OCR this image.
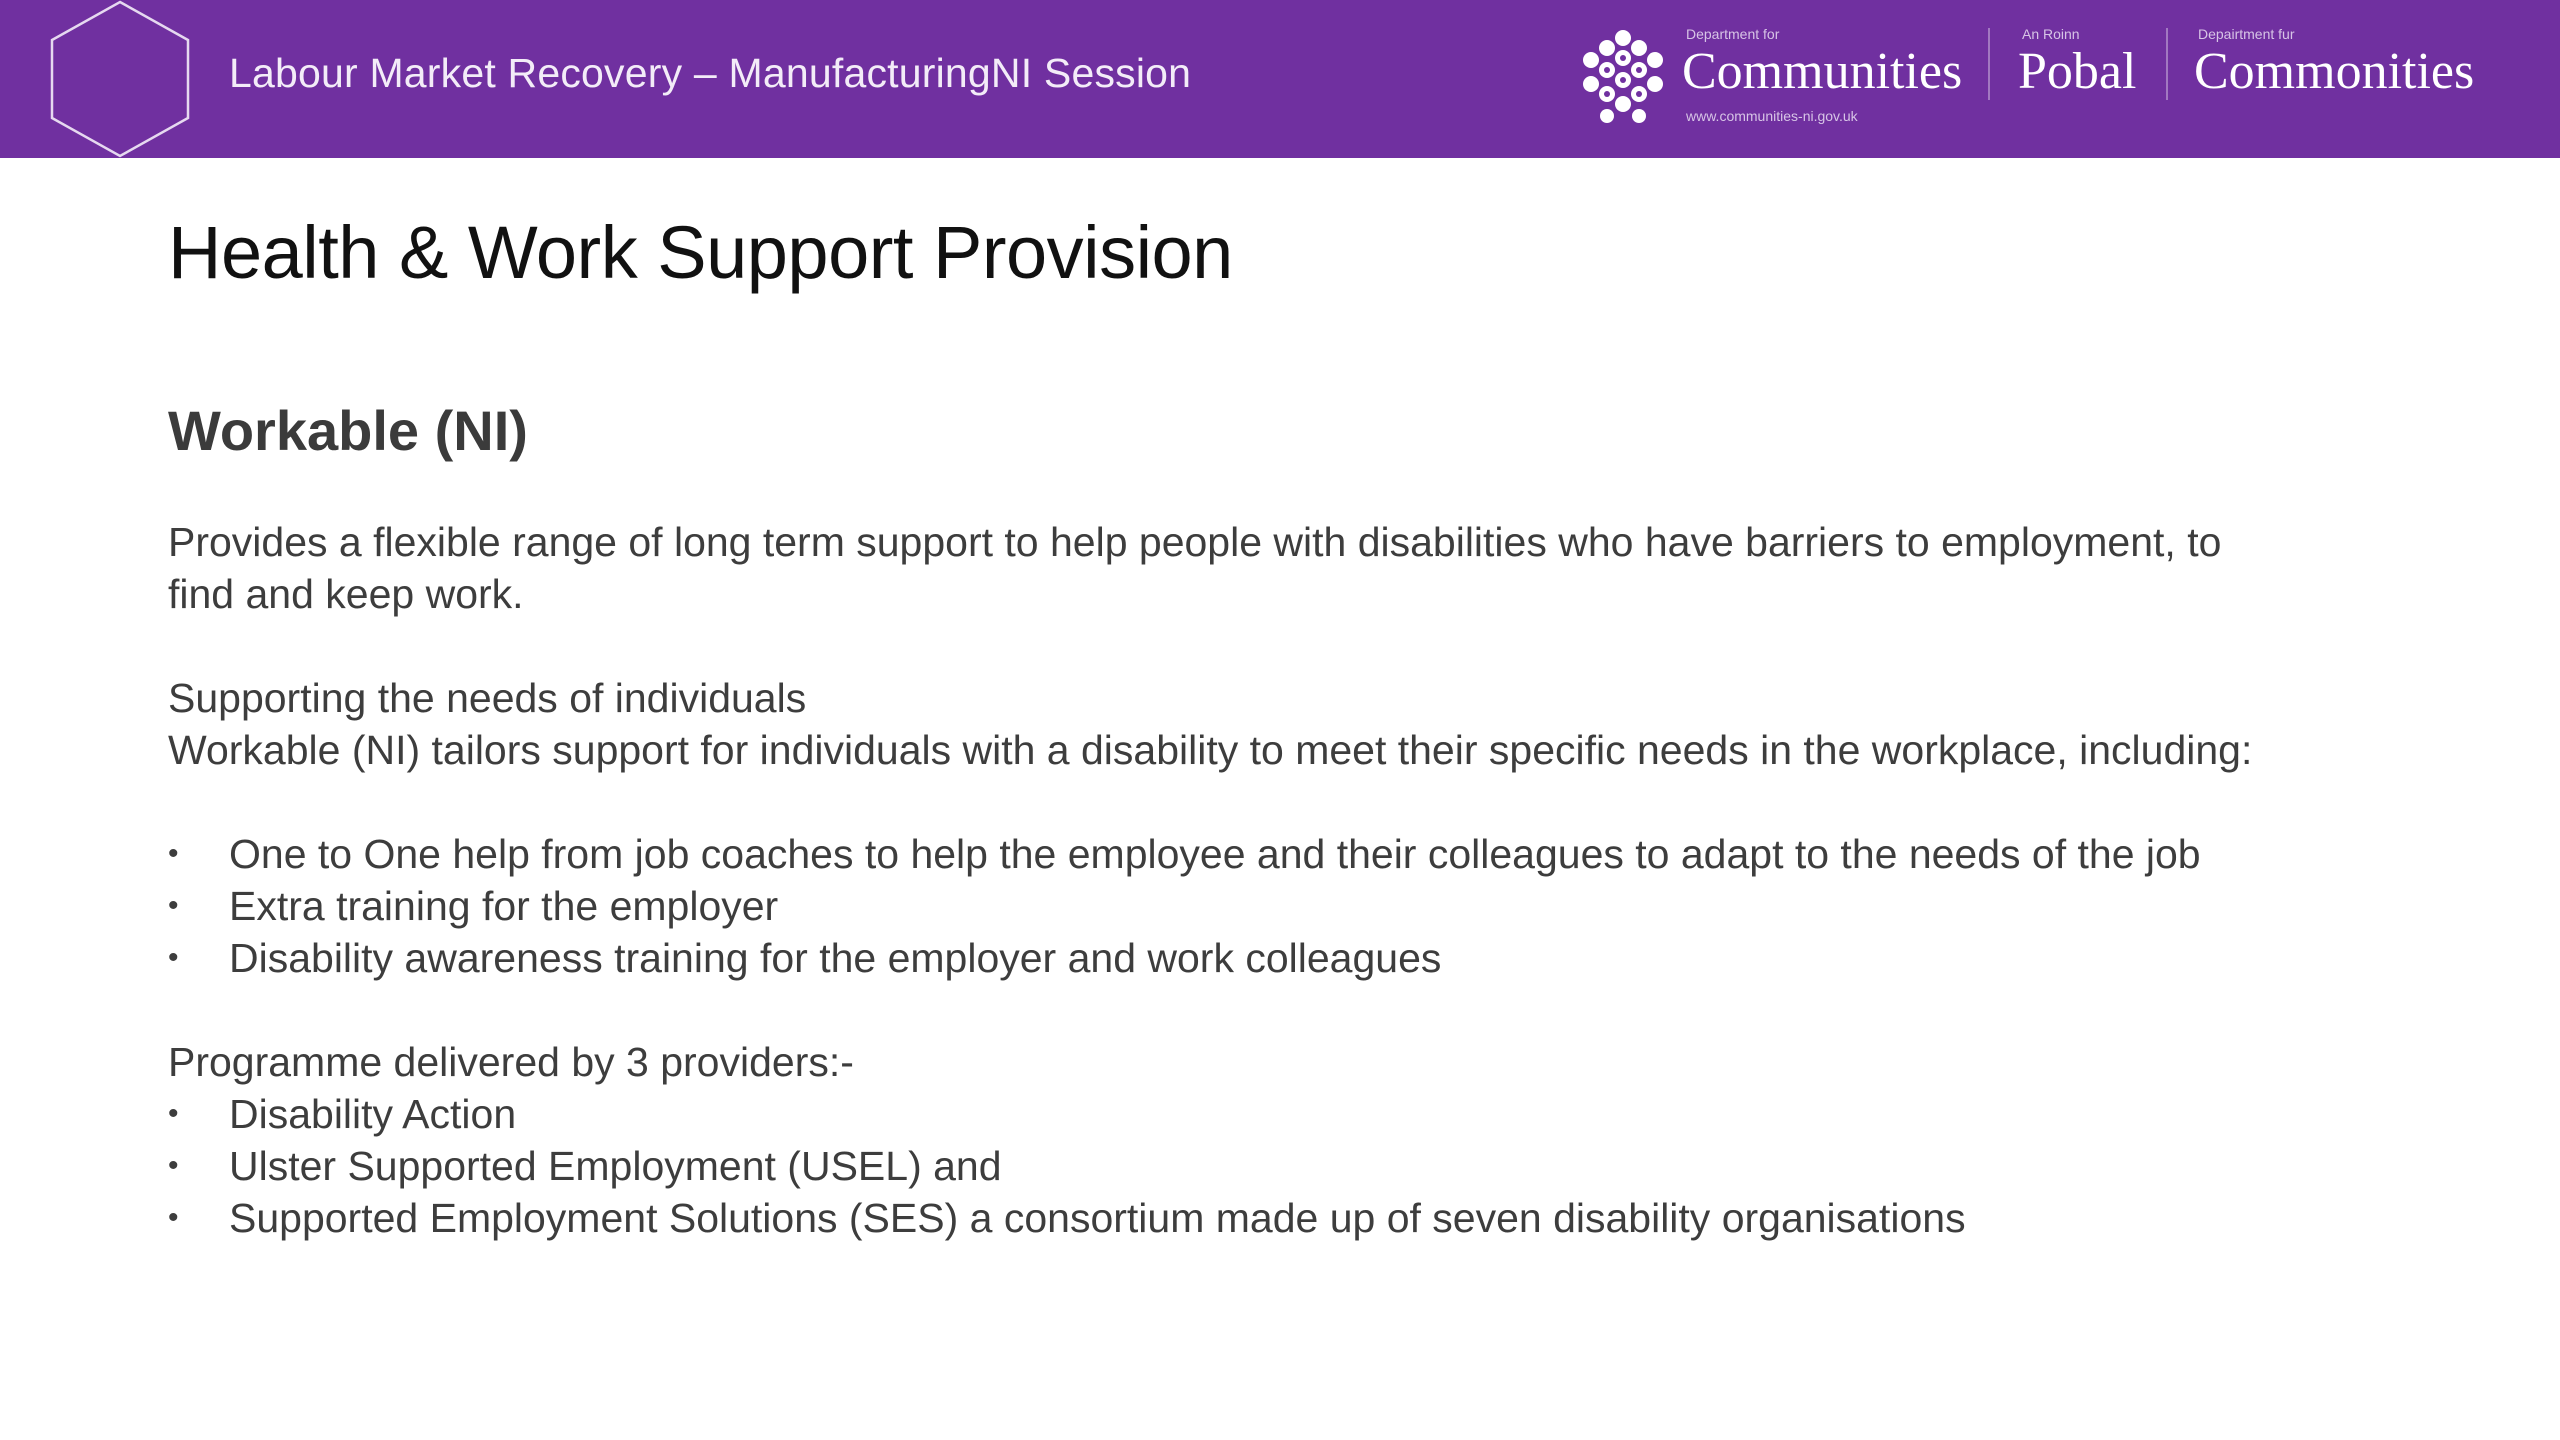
Labour Market Recovery – ManufacturingNI Session
Department for
Communities
www.communities-ni.gov.uk
An Roinn
Pobal
Depairtment fur
Commonities
Health & Work Support Provision
Workable (NI)

Provides a flexible range of long term support to help people with disabilities who have barriers to employment, to

find and keep work.

Supporting the needs of individuals

Workable (NI) tailors support for individuals with a disability to meet their specific needs in the workplace, including:

• One to One help from job coaches to help the employee and their colleagues to adapt to the needs of the job
• Extra training for the employer
• Disability awareness training for the employer and work colleagues

Programme delivered by 3 providers:-

• Disability Action
• Ulster Supported Employment (USEL) and
• Supported Employment Solutions (SES) a consortium made up of seven disability organisations
